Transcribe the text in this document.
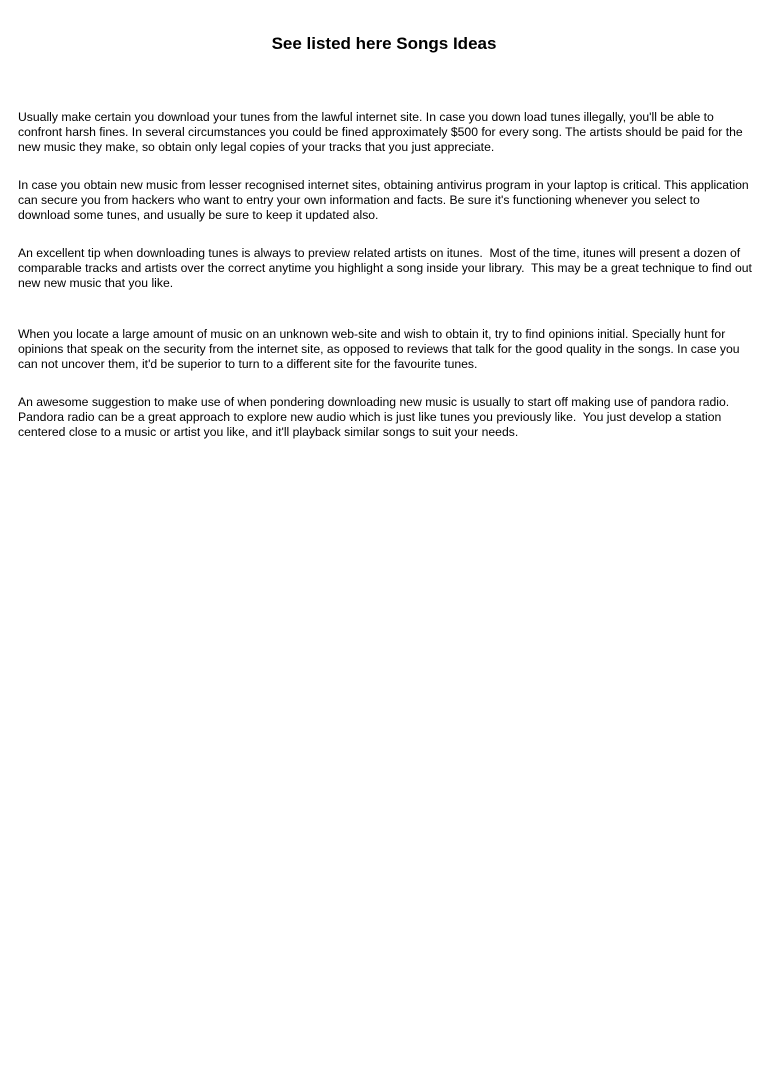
See listed here Songs Ideas

Usually make certain you download your tunes from the lawful internet site. In case you down load tunes illegally, you'll be able to confront harsh fines. In several circumstances you could be fined approximately $500 for every song. The artists should be paid for the new music they make, so obtain only legal copies of your tracks that you just appreciate.

In case you obtain new music from lesser recognised internet sites, obtaining antivirus program in your laptop is critical. This application can secure you from hackers who want to entry your own information and facts. Be sure it's functioning whenever you select to download some tunes, and usually be sure to keep it updated also.

An excellent tip when downloading tunes is always to preview related artists on itunes.  Most of the time, itunes will present a dozen of comparable tracks and artists over the correct anytime you highlight a song inside your library.  This may be a great technique to find out new new music that you like.

When you locate a large amount of music on an unknown web-site and wish to obtain it, try to find opinions initial. Specially hunt for opinions that speak on the security from the internet site, as opposed to reviews that talk for the good quality in the songs. In case you can not uncover them, it'd be superior to turn to a different site for the favourite tunes.

An awesome suggestion to make use of when pondering downloading new music is usually to start off making use of pandora radio.  Pandora radio can be a great approach to explore new audio which is just like tunes you previously like.  You just develop a station centered close to a music or artist you like, and it'll playback similar songs to suit your needs.
